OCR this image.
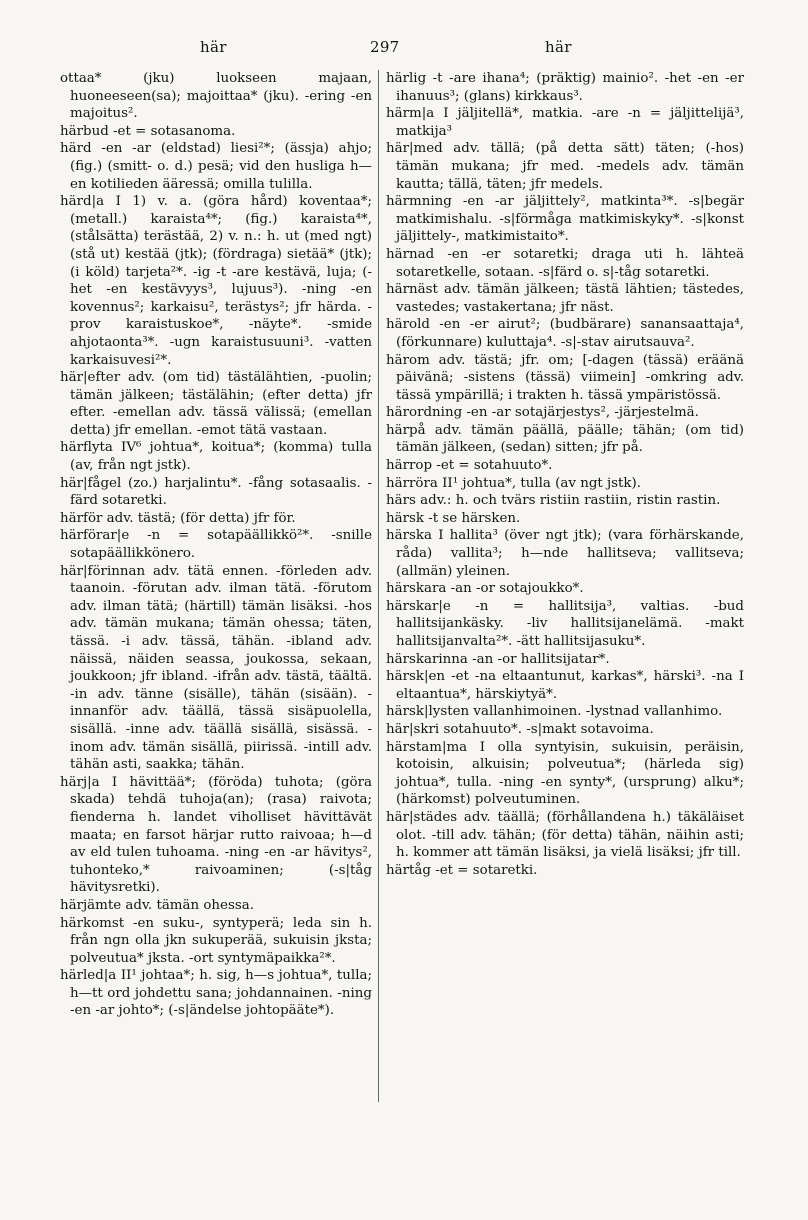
här	297	här

ottaa* (jku) luokseen majaan, huoneeseen(sa); majoittaa* (jku). -ering -en majoitus².

härbud -et = sotasanoma.

härd -en -ar (eldstad) liesi²*; (ässja) ahjo; (fig.) (smitt- o. d.) pesä; vid den husliga h—en kotilieden ääressä; omilla tulilla.

härd|a I 1) v. a. (göra hård) koventaa*; (metall.) karaista⁴*; (fig.) karaista⁴*, (stålsätta) terästää, 2) v. n.: h. ut (med ngt) (stå ut) kestää (jtk); (fördraga) sietää* (jtk); (i köld) tarjeta²*. -ig -t -are kestävä, luja; (-het -en kestävyys³, lujuus³). -ning -en kovennus²; karkaisu², terästys²; jfr härda. -prov karaistuskoe*, -näyte*. -smide ahjotaonta³*. -ugn karaistusuuni³. -vatten karkaisuvesi²*.

här|efter adv. (om tid) tästälähtien, -puolin; tämän jälkeen; tästälähin; (efter detta) jfr efter. -emellan adv. tässä välissä; (emellan detta) jfr emellan. -emot tätä vastaan.

härflyta IV⁶ johtua*, koitua*; (komma) tulla (av, från ngt jstk).

här|fågel (zo.) harjalintu*. -fång sotasaalis. -färd sotaretki.

härför adv. tästä; (för detta) jfr för.

härförar|e -n = sotapäällikkö²*. -snille sotapäällikkönero.

här|förinnan adv. tätä ennen. -förleden adv. taanoin. -förutan adv. ilman tätä. -förutom adv. ilman tätä; (härtill) tämän lisäksi. -hos adv. tämän mukana; tämän ohessa; täten, tässä. -i adv. tässä, tähän. -ibland adv. näissä, näiden seassa, joukossa, sekaan, joukkoon; jfr ibland. -ifrån adv. tästä, täältä. -in adv. tänne (sisälle), tähän (sisään). -innanför adv. täällä, tässä sisäpuolella, sisällä. -inne adv. täällä sisällä, sisässä. -inom adv. tämän sisällä, piirissä. -intill adv. tähän asti, saakka; tähän.

härj|a I hävittää*; (föröda) tuhota; (göra skada) tehdä tuhoja(an); (rasa) raivota; fienderna h. landet viholliset hävittävät maata; en farsot härjar rutto raivoaa; h—d av eld tulen tuhoama. -ning -en -ar hävitys², tuhonteko,* raivoaminen; (-s|tåg hävitysretki).

härjämte adv. tämän ohessa.

härkomst -en suku-, syntyperä; leda sin h. från ngn olla jkn sukuperää, sukuisin jksta; polveutua* jksta. -ort syntymäpaikka²*.

härled|a II¹ johtaa*; h. sig, h—s johtua*, tulla; h—tt ord johdettu sana; johdannainen. -ning -en -ar johto*; (-s|ändelse johtopääte*).

härlig -t -are ihana⁴; (präktig) mainio². -het -en -er ihanuus³; (glans) kirkkaus³.

härm|a I jäljitellä*, matkia. -are -n = jäljittelijä³, matkija³

här|med adv. tällä; (på detta sätt) täten; (-hos) tämän mukana; jfr med. -medels adv. tämän kautta; tällä, täten; jfr medels.

härmning -en -ar jäljittely², matkinta³*. -s|begär matkimishalu. -s|förmåga matkimiskyky*. -s|konst jäljittely-, matkimistaito*.

härnad -en -er sotaretki; draga uti h. lähteä sotaretkelle, sotaan. -s|färd o. s|-tåg sotaretki.

härnäst adv. tämän jälkeen; tästä lähtien; tästedes, vastedes; vastakertana; jfr näst.

härold -en -er airut²; (budbärare) sanansaattaja⁴, (förkunnare) kuluttaja⁴. -s|-stav airutsauva².

härom adv. tästä; jfr. om; [-dagen (tässä) eräänä päivänä; -sistens (tässä) viimein] -omkring adv. tässä ympärillä; i trakten h. tässä ympäristössä.

härordning -en -ar sotajärjestys², -järjestelmä.

härpå adv. tämän päällä, päälle; tähän; (om tid) tämän jälkeen, (sedan) sitten; jfr på.

härrop -et = sotahuuto*.

härröra II¹ johtua*, tulla (av ngt jstk).

härs adv.: h. och tvärs ristiin rastiin, ristin rastin.

härsk -t se härsken.

härska I hallita³ (över ngt jtk); (vara förhärskande, råda) vallita³; h—nde hallitseva; vallitseva; (allmän) yleinen.

härskara -an -or sotajoukko*.

härskar|e -n = hallitsija³, valtias. -bud hallitsijankäsky. -liv hallitsijanelämä. -makt hallitsijanvalta²*. -ätt hallitsijasuku*.

härskarinna -an -or hallitsijatar*.

härsk|en -et -na eltaantunut, karkas*, härski³. -na I eltaantua*, härskiytyä*.

härsk|lysten vallanhimoinen. -lystnad vallanhimo.

här|skri sotahuuto*. -s|makt sotavoima.

härstam|ma I olla syntyisin, sukuisin, peräisin, kotoisin, alkuisin; polveutua*; (härleda sig) johtua*, tulla. -ning -en synty*, (ursprung) alku*; (härkomst) polveutuminen.

här|städes adv. täällä; (förhållandena h.) täkäläiset olot. -till adv. tähän; (för detta) tähän, näihin asti; h. kommer att tämän lisäksi, ja vielä lisäksi; jfr till.

härtåg -et = sotaretki.
